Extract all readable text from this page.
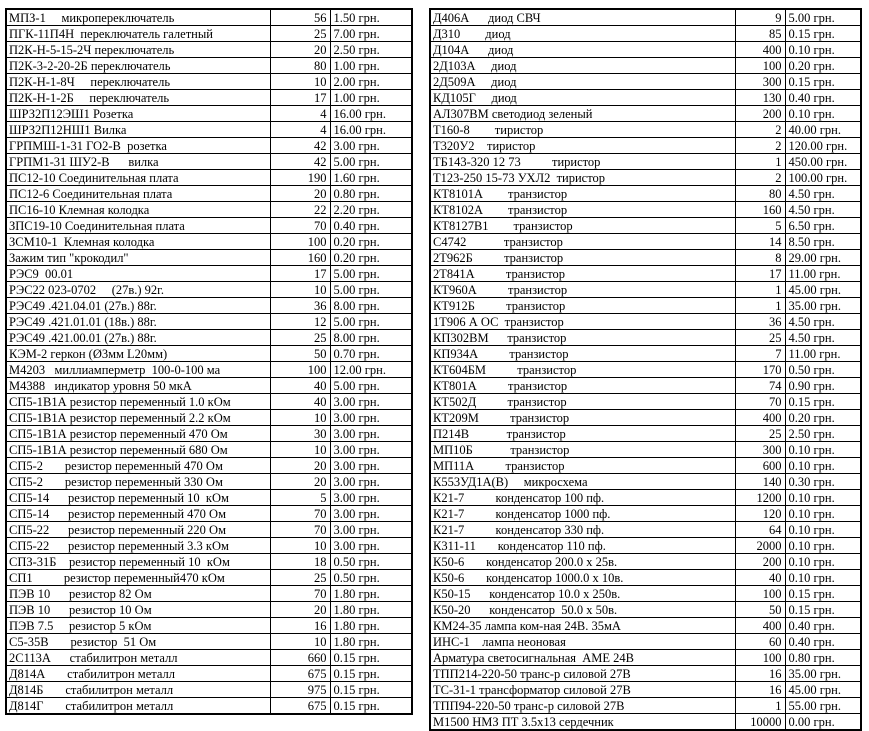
МПЗ-1     микропереключатель	56	1.50 грн.
ПГК-11П4Н  переключатель галетный	25	7.00 грн.
П2К-Н-5-15-2Ч переключатель	20	2.50 грн.
П2К-3-2-20-2Б переключатель	80	1.00 грн.
П2К-Н-1-8Ч     переключатель	10	2.00 грн.
П2К-Н-1-2Б     переключатель	17	1.00 грн.
ШРЗ2П12ЭШ1 Розетка	4	16.00 грн.
ШРЗ2П12НШ1 Вилка	4	16.00 грн.
ГРПМШ-1-31 ГО2-В  розетка	42	3.00 грн.
ГРПМ1-31 ШУ2-В      вилка	42	5.00 грн.
ПС12-10 Соединительная плата	190	1.60 грн.
ПС12-6 Соединительная плата	20	0.80 грн.
ПС16-10 Клемная колодка	22	2.20 грн.
ЗПС19-10 Соединительная плата	70	0.40 грн.
ЗСМ10-1  Клемная колодка	100	0.20 грн.
Зажим тип "крокодил"	160	0.20 грн.
РЭС9  00.01	17	5.00 грн.
РЭС22 023-0702     (27в.) 92г.	10	5.00 грн.
РЭС49 .421.04.01 (27в.) 88г.	36	8.00 грн.
РЭС49 .421.01.01 (18в.) 88г.	12	5.00 грн.
РЭС49 .421.00.01 (27в.) 88г.	25	8.00 грн.
КЭМ-2 геркон (Ø3мм L20мм)	50	0.70 грн.
М4203   миллиамперметр  100-0-100 ма	100	12.00 грн.
М4388   индикатор уровня 50 мкА	40	5.00 грн.
СП5-1В1А резистор переменный 1.0 кОм	40	3.00 грн.
СП5-1В1А резистор переменный 2.2 кОм	10	3.00 грн.
СП5-1В1А резистор переменный 470 Ом	30	3.00 грн.
СП5-1В1А резистор переменный 680 Ом	10	3.00 грн.
СП5-2       резистор переменный 470 Ом	20	3.00 грн.
СП5-2       резистор переменный 330 Ом	20	3.00 грн.
СП5-14      резистор переменный 10  кОм	5	3.00 грн.
СП5-14      резистор переменный 470 Ом	70	3.00 грн.
СП5-22      резистор переменный 220 Ом	70	3.00 грн.
СП5-22      резистор переменный 3.3 кОм	10	3.00 грн.
СПЗ-31Б    резистор переменный 10  кОм	18	0.50 грн.
СП1          резистор переменный470 кОм	25	0.50 грн.
ПЭВ 10      резистор 82 Ом	70	1.80 грн.
ПЭВ 10      резистор 10 Ом	20	1.80 грн.
ПЭВ 7.5     резистор 5 кОм	16	1.80 грн.
С5-35В       резистор  51 Ом	10	1.80 грн.
2С113А      стабилитрон металл	660	0.15 грн.
Д814А       стабилитрон металл	675	0.15 грн.
Д814Б       стабилитрон металл	975	0.15 грн.
Д814Г       стабилитрон металл	675	0.15 грн.
Д406А      диод СВЧ	9	5.00 грн.
Д310        диод	85	0.15 грн.
Д104А      диод	400	0.10 грн.
2Д103А     диод	100	0.20 грн.
2Д509А     диод	300	0.15 грн.
КД105Г     диод	130	0.40 грн.
АЛ307ВМ светодиод зеленый	200	0.10 грн.
Т160-8        тиристор	2	40.00 грн.
Т320У2    тиристор	2	120.00 грн.
ТБ143-320 12 73          тиристор	1	450.00 грн.
Т123-250 15-73 УХЛ2  тиристор	2	100.00 грн.
КТ8101А        транзистор	80	4.50 грн.
КТ8102А        транзистор	160	4.50 грн.
КТ8127В1        транзистор	5	6.50 грн.
С4742            транзистор	14	8.50 грн.
2Т962Б          транзистор	8	29.00 грн.
2Т841А          транзистор	17	11.00 грн.
КТ960А          транзистор	1	45.00 грн.
КТ912Б          транзистор	1	35.00 грн.
1Т906 А ОС  транзистор	36	4.50 грн.
КП302ВМ      транзистор	25	4.50 грн.
КП934А          транзистор	7	11.00 грн.
КТ604БМ          транзистор	170	0.50 грн.
КТ801А          транзистор	74	0.90 грн.
КТ502Д          транзистор	70	0.15 грн.
КТ209М          транзистор	400	0.20 грн.
П214В            транзистор	25	2.50 грн.
МП10Б            транзистор	300	0.10 грн.
МП11А          транзистор	600	0.10 грн.
К553УД1А(В)     микросхема	140	0.30 грн.
К21-7          конденсатор 100 пф.	1200	0.10 грн.
К21-7          конденсатор 1000 пф.	120	0.10 грн.
К21-7          конденсатор 330 пф.	64	0.10 грн.
К311-11       конденсатор 110 пф.	2000	0.10 грн.
К50-6       конденсатор 200.0 х 25в.	200	0.10 грн.
К50-6       конденсатор 1000.0 х 10в.	40	0.10 грн.
К50-15      конденсатор 10.0 х 250в.	100	0.15 грн.
К50-20      конденсатор  50.0 х 50в.	50	0.15 грн.
КМ24-35 лампа ком-ная 24В. 35мА	400	0.40 грн.
ИНС-1    лампа неоновая	60	0.40 грн.
Арматура светосигнальная  АМЕ 24В	100	0.80 грн.
ТПП214-220-50 транс-р силовой 27В	16	35.00 грн.
ТС-31-1 трансформатор силовой 27В	16	45.00 грн.
ТПП94-220-50 транс-р силовой 27В	1	55.00 грн.
М1500 НМЗ ПТ 3.5х13 сердечник	10000	0.00 грн.
